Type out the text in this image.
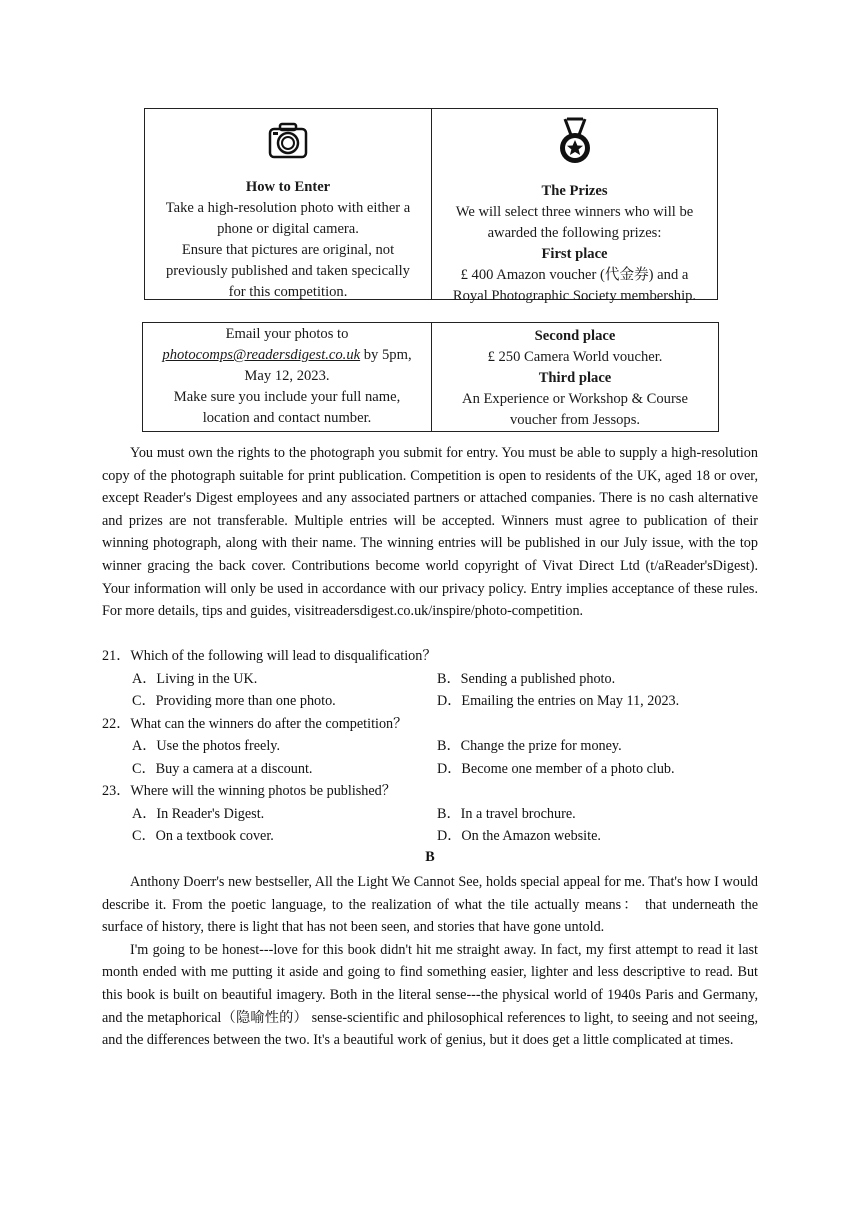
How to Enter
Take a high-resolution photo with either a
phone or digital camera.
Ensure that pictures are original, not
previously published and taken specically
for this competition.
The Prizes
We will select three winners who will be
awarded the following prizes:
First place
£ 400 Amazon voucher (代金券) and a
Royal Photographic Society membership.
Email your photos to
photocomps@readersdigest.co.uk by 5pm,
May 12, 2023.
Make sure you include your full name,
location and contact number.
Second place
£ 250 Camera World voucher.
Third place
An Experience or Workshop & Course
voucher from Jessops.

You must own the rights to the photograph you submit for entry. You must be able to supply a high-resolution copy of the photograph suitable for print publication. Competition is open to residents of the UK, aged 18 or over, except Reader's Digest employees and any associated partners or attached companies. There is no cash alternative and prizes are not transferable. Multiple entries will be accepted. Winners must agree to publication of their winning photograph, along with their name. The winning entries will be published in our July issue, with the top winner gracing the back cover. Contributions become world copyright of Vivat Direct Ltd (t/aReader'sDigest). Your information will only be used in accordance with our privacy policy. Entry implies acceptance of these rules. For more details, tips and guides, visitreadersdigest.co.uk/inspire/photo-competition.

21．Which of the following will lead to disqualification？
A．Living in the UK.	B．Sending a published photo.
C．Providing more than one photo.	D．Emailing the entries on May 11, 2023.
22．What can the winners do after the competition？
A．Use the photos freely.	B．Change the prize for money.
C．Buy a camera at a discount.	D．Become one member of a photo club.
23．Where will the winning photos be published？
A．In Reader's Digest.	B．In a travel brochure.
C．On a textbook cover.	D．On the Amazon website.
B

Anthony Doerr's new bestseller, All the Light We Cannot See, holds special appeal for me. That's how I would describe it. From the poetic language, to the realization of what the tile actually means： that underneath the surface of history, there is light that has not been seen, and stories that have gone untold.

I'm going to be honest---love for this book didn't hit me straight away. In fact, my first attempt to read it last month ended with me putting it aside and going to find something easier, lighter and less descriptive to read. But this book is built on beautiful imagery. Both in the literal sense---the physical world of 1940s Paris and Germany, and the metaphorical（隐喻性的） sense-scientific and philosophical references to light, to seeing and not seeing, and the differences between the two. It's a beautiful work of genius, but it does get a little complicated at times.
